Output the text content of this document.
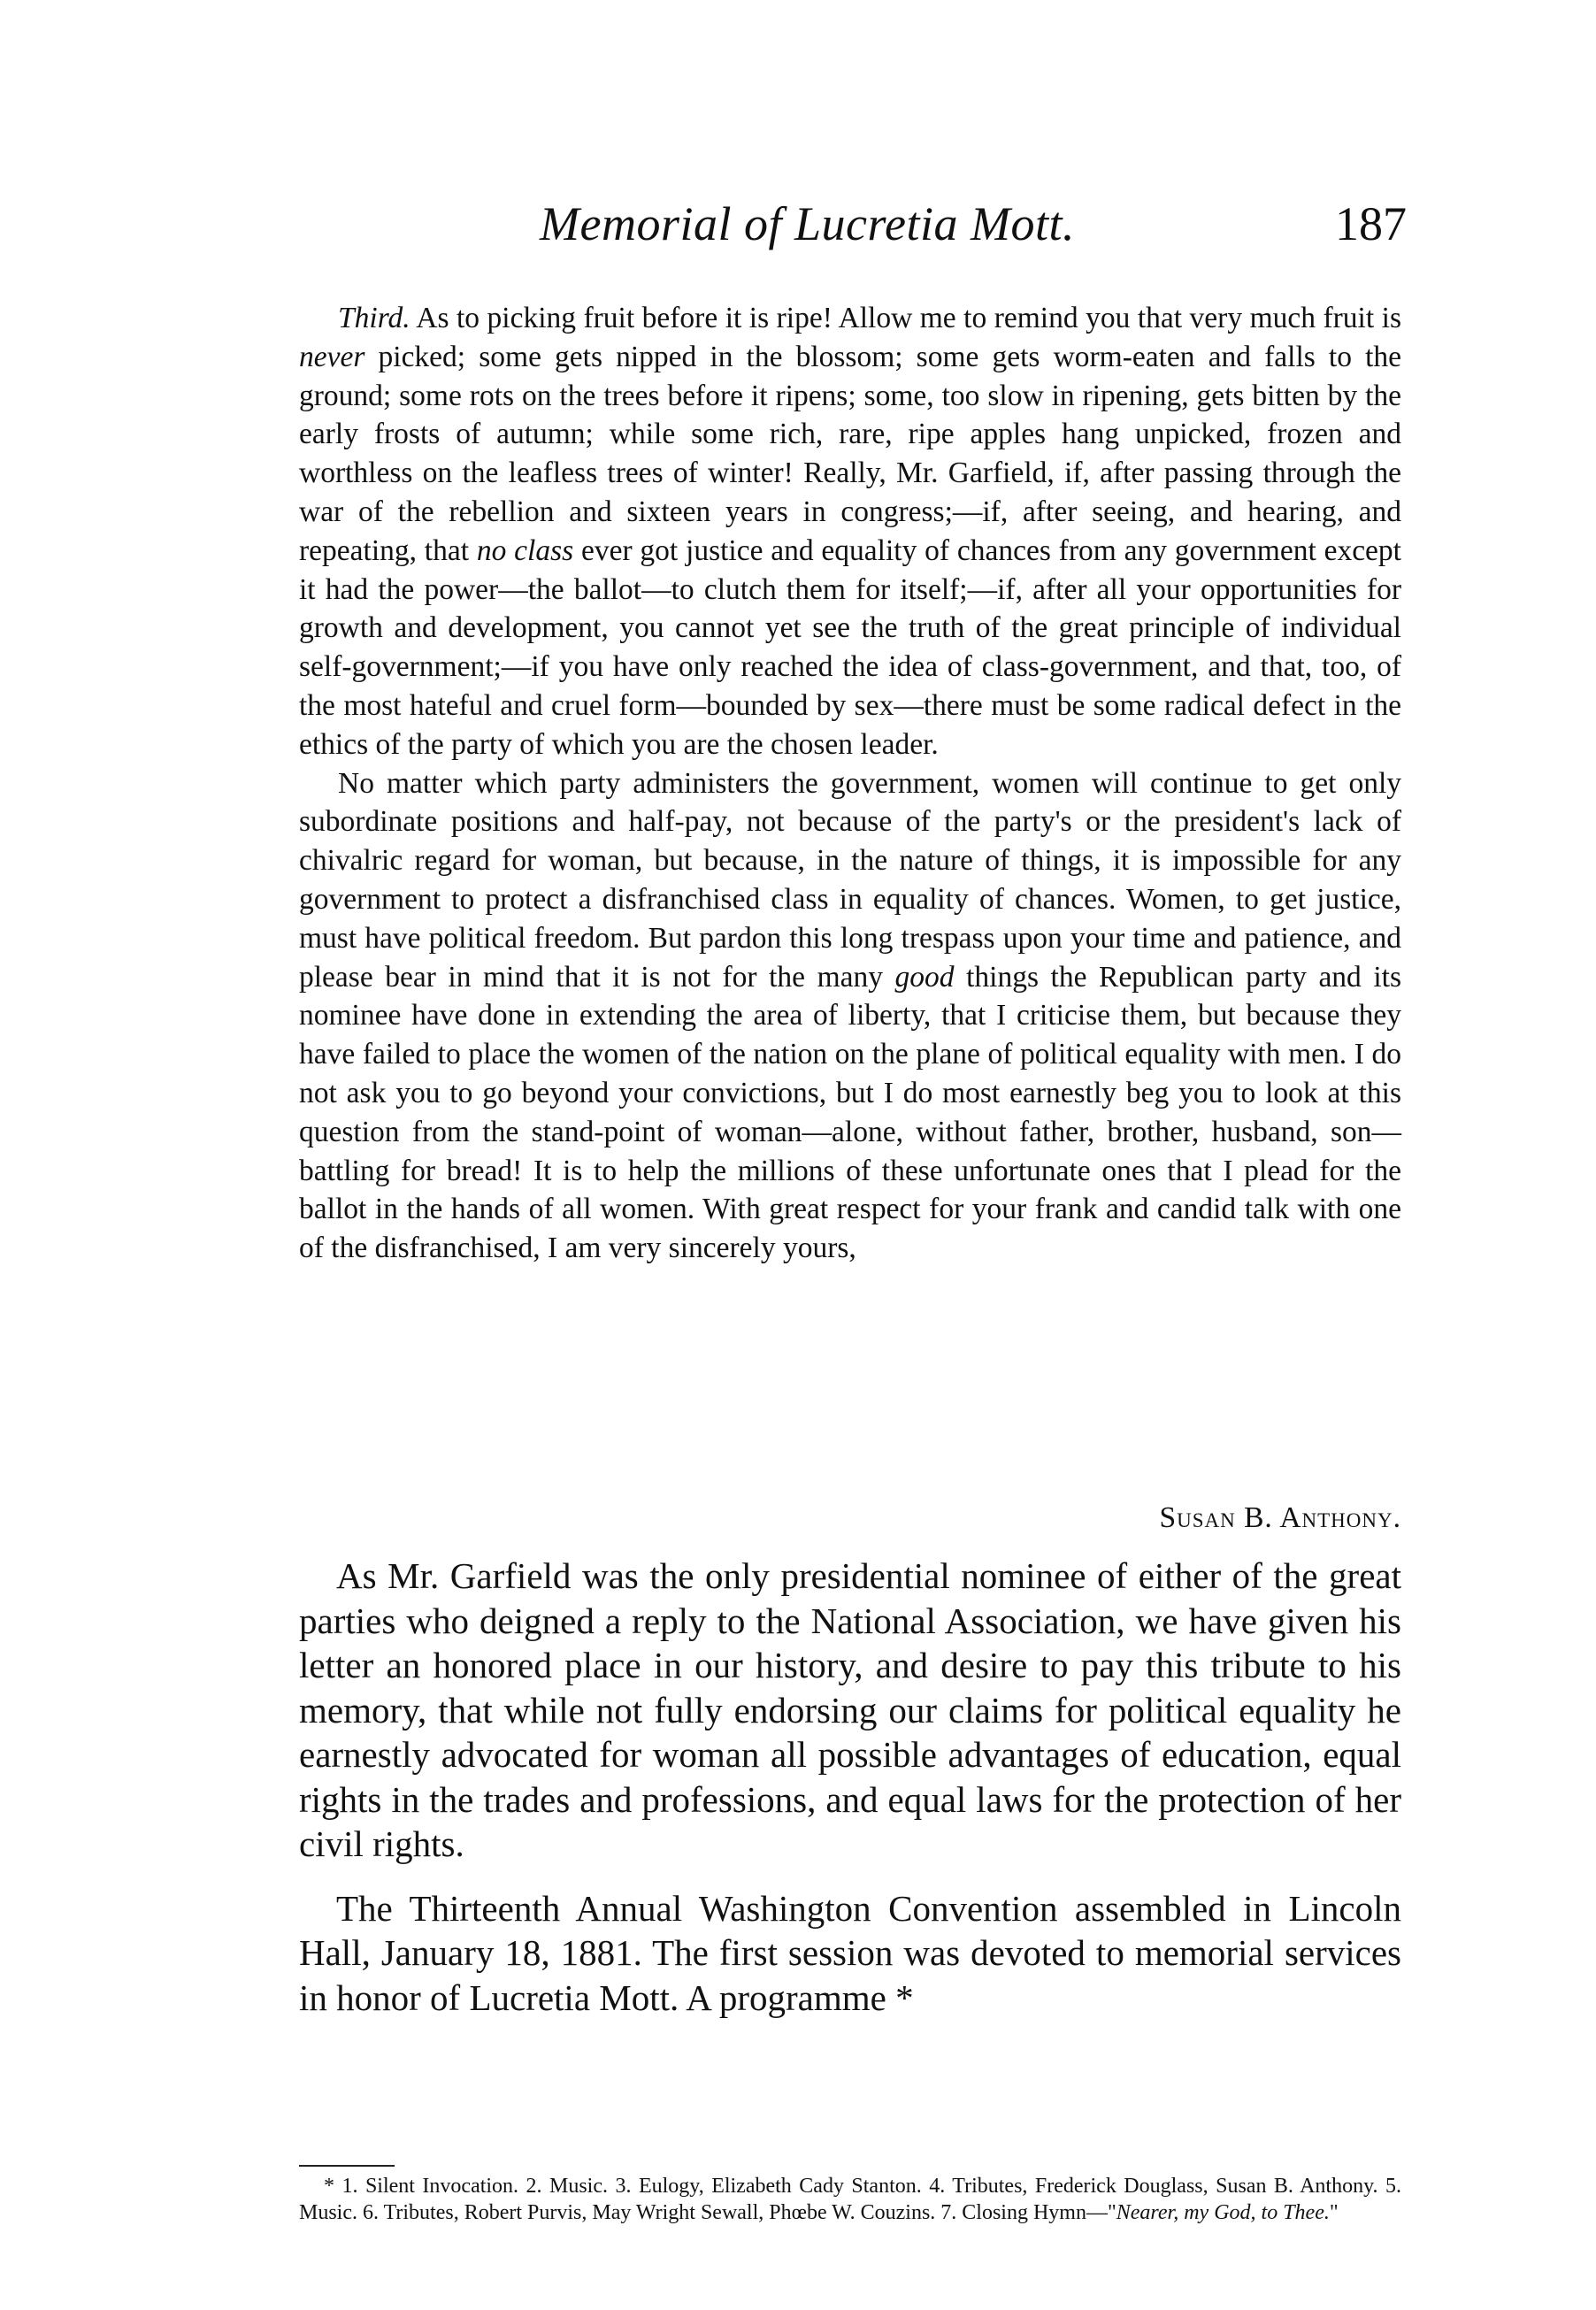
Memorial of Lucretia Mott.	187

Third. As to picking fruit before it is ripe! Allow me to remind you that very much fruit is never picked; some gets nipped in the blossom; some gets worm-eaten and falls to the ground; some rots on the trees before it ripens; some, too slow in ripening, gets bitten by the early frosts of autumn; while some rich, rare, ripe apples hang unpicked, frozen and worthless on the leafless trees of winter! Really, Mr. Garfield, if, after passing through the war of the rebellion and sixteen years in congress;—if, after seeing, and hearing, and repeating, that no class ever got justice and equality of chances from any government except it had the power—the ballot—to clutch them for itself;—if, after all your opportunities for growth and development, you cannot yet see the truth of the great principle of individual self-government;—if you have only reached the idea of class-government, and that, too, of the most hateful and cruel form—bounded by sex—there must be some radical defect in the ethics of the party of which you are the chosen leader.

No matter which party administers the government, women will continue to get only subordinate positions and half-pay, not because of the party's or the president's lack of chivalric regard for woman, but because, in the nature of things, it is impossible for any government to protect a disfranchised class in equality of chances. Women, to get justice, must have political freedom. But pardon this long trespass upon your time and patience, and please bear in mind that it is not for the many good things the Republican party and its nominee have done in extending the area of liberty, that I criticise them, but because they have failed to place the women of the nation on the plane of political equality with men. I do not ask you to go beyond your convictions, but I do most earnestly beg you to look at this question from the stand-point of woman—alone, without father, brother, husband, son—battling for bread! It is to help the millions of these unfortunate ones that I plead for the ballot in the hands of all women. With great respect for your frank and candid talk with one of the disfranchised, I am very sincerely yours,

Susan B. Anthony.

As Mr. Garfield was the only presidential nominee of either of the great parties who deigned a reply to the National Association, we have given his letter an honored place in our history, and desire to pay this tribute to his memory, that while not fully endorsing our claims for political equality he earnestly advocated for woman all possible advantages of education, equal rights in the trades and professions, and equal laws for the protection of her civil rights.

The Thirteenth Annual Washington Convention assembled in Lincoln Hall, January 18, 1881. The first session was devoted to memorial services in honor of Lucretia Mott. A programme *

* 1. Silent Invocation. 2. Music. 3. Eulogy, Elizabeth Cady Stanton. 4. Tributes, Frederick Douglass, Susan B. Anthony. 5. Music. 6. Tributes, Robert Purvis, May Wright Sewall, Phœbe W. Couzins. 7. Closing Hymn—"Nearer, my God, to Thee."
